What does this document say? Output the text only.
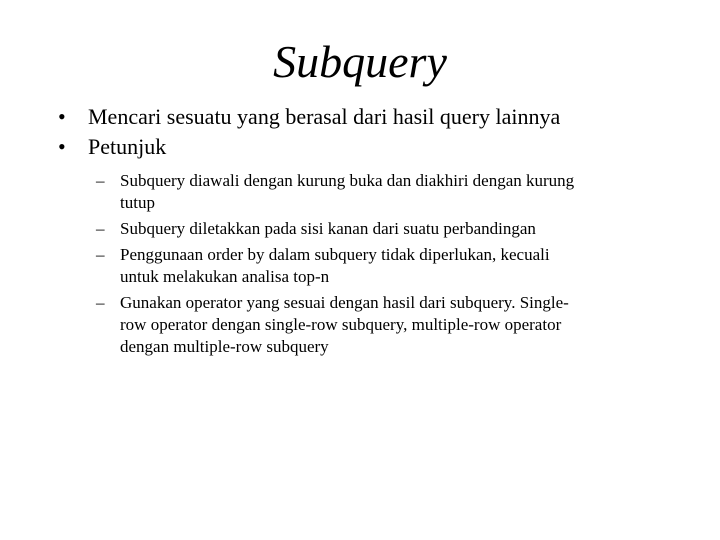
Subquery
•	Mencari sesuatu yang berasal dari hasil query lainnya
•	Petunjuk
– Subquery diawali dengan kurung buka dan diakhiri dengan kurung
tutup
– Subquery diletakkan pada sisi kanan dari suatu perbandingan
– Penggunaan order by dalam subquery tidak diperlukan, kecuali
untuk melakukan analisa top-n
– Gunakan operator yang sesuai dengan hasil dari subquery. Single-
row operator dengan single-row subquery, multiple-row operator
dengan multiple-row subquery
